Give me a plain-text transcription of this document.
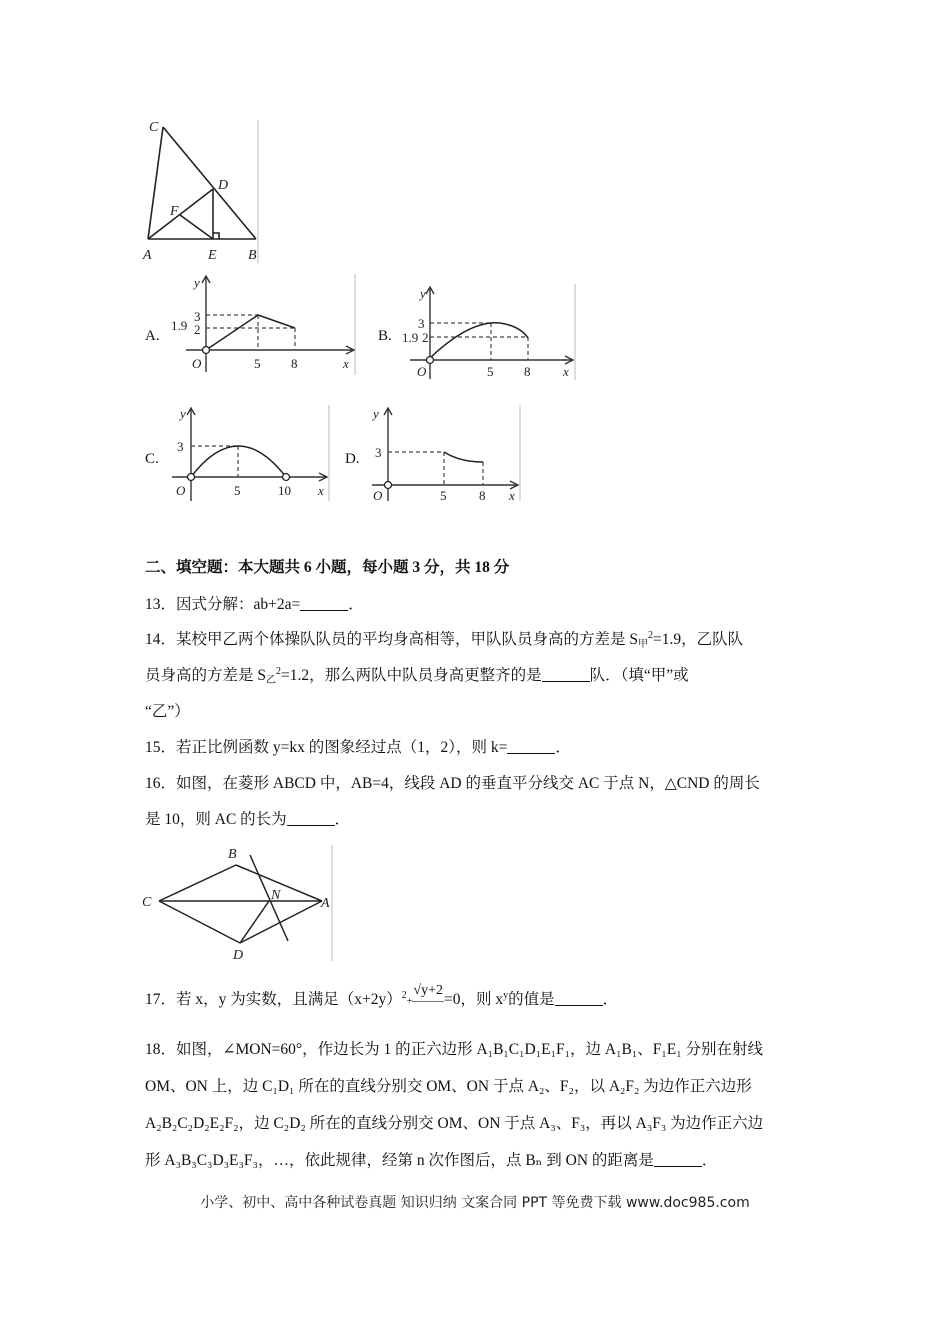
C
D
F
A	E B
A.
y
1.9
3
2
O	5 8	x
B.
y
1.9
3
2
O	5 8	x
C.
y
3
O	5	10 x
D.
y
3
O	5	8 x
二、填空题：本大题共 6 小题，每小题 3 分，共 18 分
13．因式分解：ab+2a=	．
14．某校甲乙两个体操队队员的平均身高相等，甲队队员身高的方差是 $S_甲^2=1.9$，乙队队
员身高的方差是 $S_乙^2=1.2$，那么两队中队员身高更整齐的是	队．（填“甲”或
“乙”）
15．若正比例函数 y=kx 的图象经过点（1，2），则 k=	．
16．如图，在菱形 ABCD 中，AB=4，线段 AD 的垂直平分线交 AC 于点 N，△CND 的周长
是 10，则 AC 的长为	．
B
C	N
A
D
17．若 x，y 为实数，且满足$(x+2y)^2+√y+2=0$，则 $x^y$的值是	．
18．如图，∠MON=60°，作边长为 1 的正六边形 A₁B₁C₁D₁E₁F₁，边 A₁B₁、F₁E₁ 分别在射线
OM、ON 上，边 C₁D₁ 所在的直线分别交 OM、ON 于点 A₂、F₂，以 A₂F₂ 为边作正六边形
A₂B₂C₂D₂E₂F₂，边 C₂D₂ 所在的直线分别交 OM、ON 于点 A₃、F₃，再以 A₃F₃ 为边作正六边
形 A₃B₃C₃D₃E₃F₃，…，依此规律，经第 n 次作图后，点 Bₙ 到 ON 的距离是	．
小学、初中、高中各种试卷真题 知识归纳 文案合同 PPT 等免费下载 www.doc985.com
